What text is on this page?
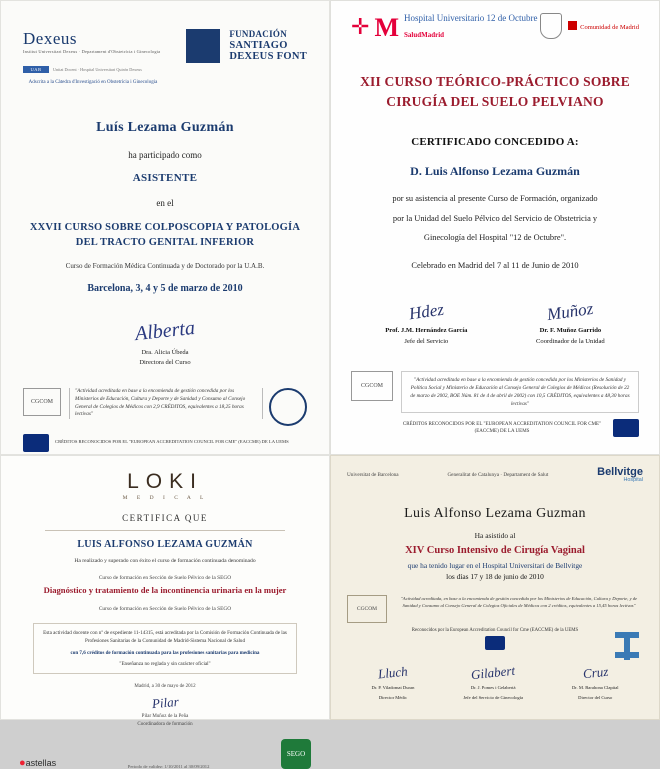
Dexeus
Institut Universitari Dexeus · Departament d'Obstetrícia i Ginecologia
UAB	Unitat Docent · Hospital Universitari Quirón Dexeus
Adscrita a la Càtedra d'Investigació en Obstetrícia i Ginecologia

FUNDACIÓN
SANTIAGO
DEXEUS FONT
Luís Lezama Guzmán
ha participado como
ASISTENTE
en el
XXVII CURSO SOBRE COLPOSCOPIA Y PATOLOGÍA DEL TRACTO GENITAL INFERIOR
Curso de Formación Médica Continuada y de Doctorado por la U.A.B.
Barcelona, 3, 4 y 5 de marzo de 2010
Alberta
Dra. Alicia Úbeda
Directora del Curso
CGCOM
"Actividad acreditada en base a la encomienda de gestión concedida por los Ministerios de Educación, Cultura y Deporte y de Sanidad y Consumo al Consejo General de Colegios de Médicos con 2,9 CRÉDITOS, equivalentes a 18,25 horas lectivas"
CRÉDITOS RECONOCIDOS POR EL "EUROPEAN ACCREDITATION COUNCIL FOR CME" (EACCME) DE LA UEMS
✛ M Hospital Universitario 12 de Octubre
SaludMadrid
Comunidad de Madrid
XII CURSO TEÓRICO-PRÁCTICO SOBRE CIRUGÍA DEL SUELO PELVIANO
CERTIFICADO CONCEDIDO A:
D. Luis Alfonso Lezama Guzmán
por su asistencia al presente Curso de Formación, organizado
por la Unidad del Suelo Pélvico del Servicio de Obstetricia y
Ginecología del Hospital "12 de Octubre".
Celebrado en Madrid del 7 al 11 de Junio de 2010
Hdez
Prof. J.M. Hernández García
Jefe del Servicio
Muñoz
Dr. F. Muñoz Garrido
Coordinador de la Unidad
CGCOM
"Actividad acreditada en base a la encomienda de gestión concedida por los Ministerios de Sanidad y Política Social y Ministerio de Educación al Consejo General de Colegios de Médicos (Resolución de 22 de marzo de 2002, BOE Núm. 81 de 4 de abril de 2002) con 10,5 CRÉDITOS, equivalentes a 48,30 horas lectivas"
CRÉDITOS RECONOCIDOS POR EL "EUROPEAN ACCREDITATION COUNCIL FOR CME" (EACCME) DE LA UEMS
LOKI
M E D I C A L
CERTIFICA QUE
LUIS ALFONSO LEZAMA GUZMÁN
Ha realizado y superado con éxito el curso de formación continuada denominado
Curso de formación en Sección de Suelo Pélvico de la SEGO
Diagnóstico y tratamiento de la incontinencia urinaria en la mujer
Curso de formación en Sección de Suelo Pélvico de la SEGO
Esta actividad docente con nº de expediente 11-14315, está acreditada por la Comisión de Formación Continuada de las Profesiones Sanitarias de la Comunidad de Madrid-Sistema Nacional de Salud
con 7,6 créditos de formación continuada para las profesiones sanitarias para medicina
"Enseñanza no reglada y sin carácter oficial"
Madrid, a 30 de mayo de 2012
Pilar
Pilar Muñoz de la Peña
Coordinadora de formación
●astellas	Periodo de validez: 1/10/2011 al 30/09/2012
SEGO
Universitat de Barcelona	Generalitat de Catalunya · Departament de Salut	Bellvitge
Hospital
Luis Alfonso Lezama Guzman
Ha asistido al
XIV Curso Intensivo de Cirugía Vaginal
que ha tenido lugar en el Hospital Universitari de Bellvitge
los días 17 y 18 de junio de 2010
CGCOM
"Actividad acreditada, en base a la encomienda de gestión concedida por los Ministerios de Educación, Cultura y Deporte, y de Sanidad y Consumo al Consejo General de Colegios Oficiales de Médicos con 2 créditos, equivalentes a 15,45 horas lectivas"
Reconocidos por la European Accreditation Council for Cme (EACCME) de la UEMS
Lluch
Dr. P. Viladomat Duran
Director Mèdic
Gilabert
Dr. J. Pomes i Gelabertà
Jefe del Servicio de Ginecología
Cruz
Dr. M. Barahona Clapital
Director del Curso
